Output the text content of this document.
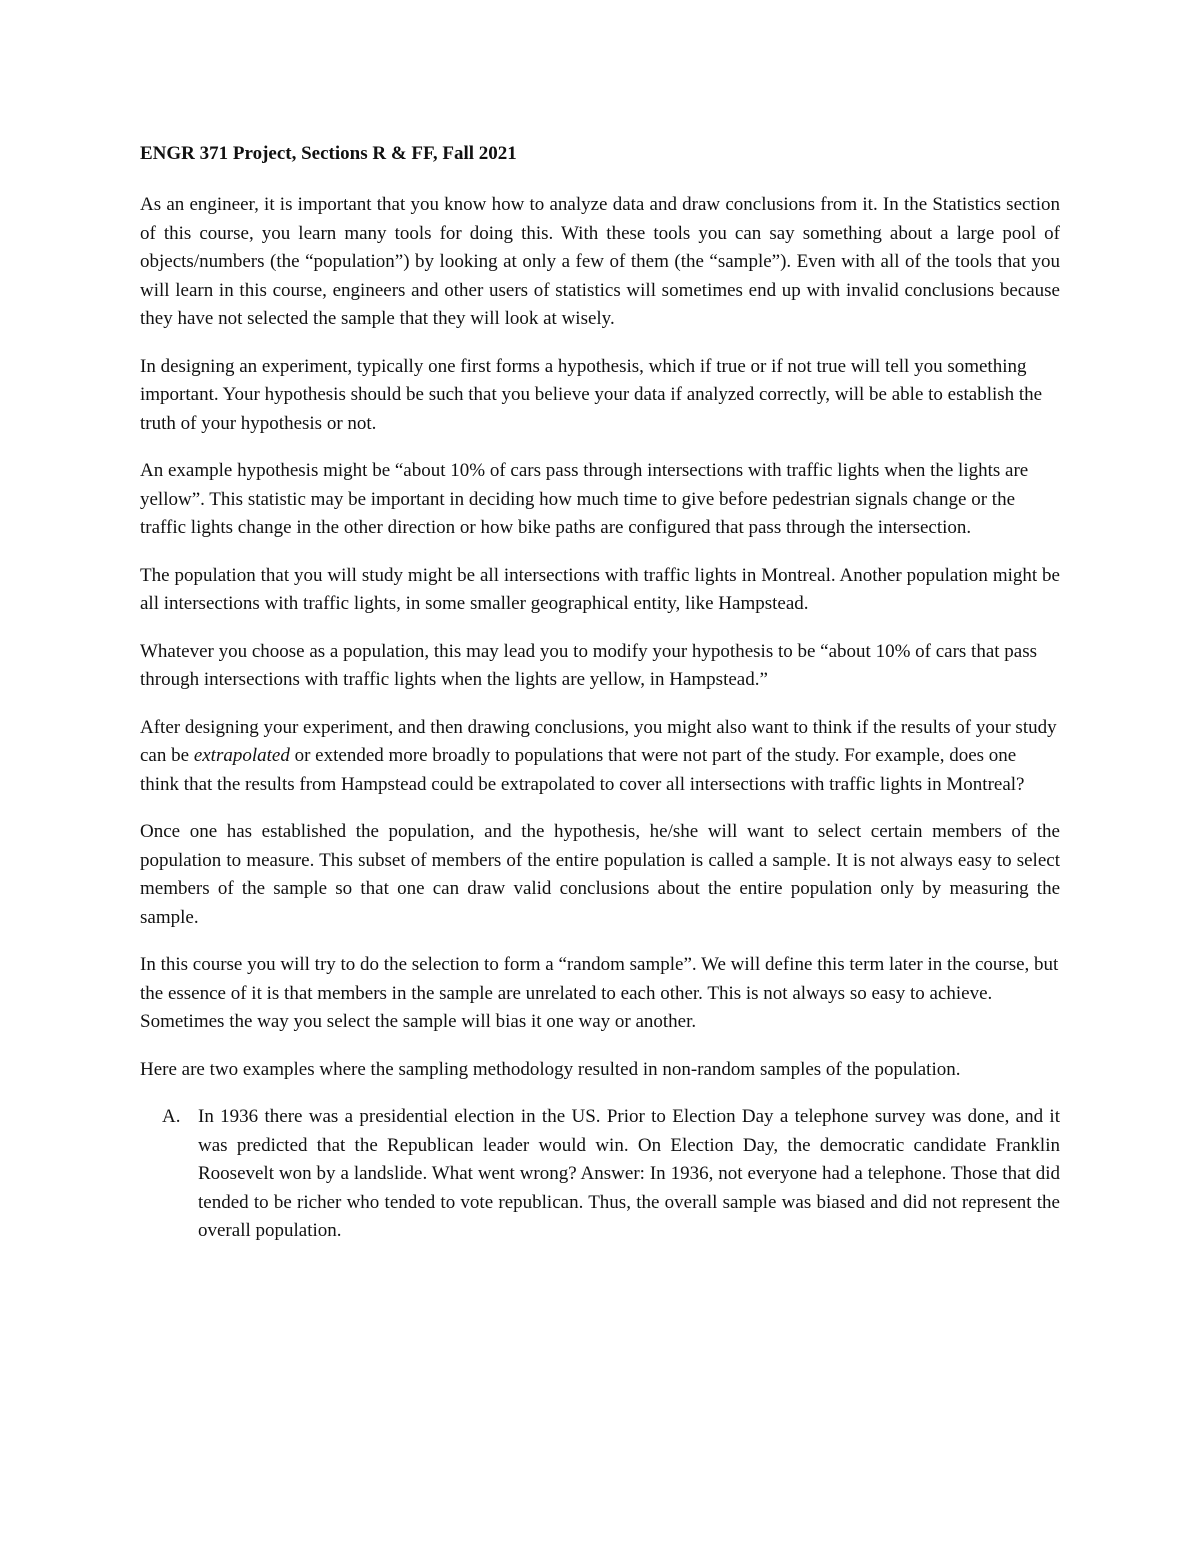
ENGR 371 Project, Sections R & FF, Fall 2021

As an engineer, it is important that you know how to analyze data and draw conclusions from it. In the Statistics section of this course, you learn many tools for doing this. With these tools you can say something about a large pool of objects/numbers (the “population”) by looking at only a few of them (the “sample”). Even with all of the tools that you will learn in this course, engineers and other users of statistics will sometimes end up with invalid conclusions because they have not selected the sample that they will look at wisely.

In designing an experiment, typically one first forms a hypothesis, which if true or if not true will tell you something important. Your hypothesis should be such that you believe your data if analyzed correctly, will be able to establish the truth of your hypothesis or not.

An example hypothesis might be “about 10% of cars pass through intersections with traffic lights when the lights are yellow”. This statistic may be important in deciding how much time to give before pedestrian signals change or the traffic lights change in the other direction or how bike paths are configured that pass through the intersection.

The population that you will study might be all intersections with traffic lights in Montreal. Another population might be all intersections with traffic lights, in some smaller geographical entity, like Hampstead.

Whatever you choose as a population, this may lead you to modify your hypothesis to be “about 10% of cars that pass through intersections with traffic lights when the lights are yellow, in Hampstead.”

After designing your experiment, and then drawing conclusions, you might also want to think if the results of your study can be extrapolated or extended more broadly to populations that were not part of the study. For example, does one think that the results from Hampstead could be extrapolated to cover all intersections with traffic lights in Montreal?

Once one has established the population, and the hypothesis, he/she will want to select certain members of the population to measure. This subset of members of the entire population is called a sample. It is not always easy to select members of the sample so that one can draw valid conclusions about the entire population only by measuring the sample.

In this course you will try to do the selection to form a “random sample”. We will define this term later in the course, but the essence of it is that members in the sample are unrelated to each other. This is not always so easy to achieve. Sometimes the way you select the sample will bias it one way or another.

Here are two examples where the sampling methodology resulted in non-random samples of the population.

A. In 1936 there was a presidential election in the US. Prior to Election Day a telephone survey was done, and it was predicted that the Republican leader would win. On Election Day, the democratic candidate Franklin Roosevelt won by a landslide. What went wrong? Answer: In 1936, not everyone had a telephone. Those that did tended to be richer who tended to vote republican. Thus, the overall sample was biased and did not represent the overall population.
